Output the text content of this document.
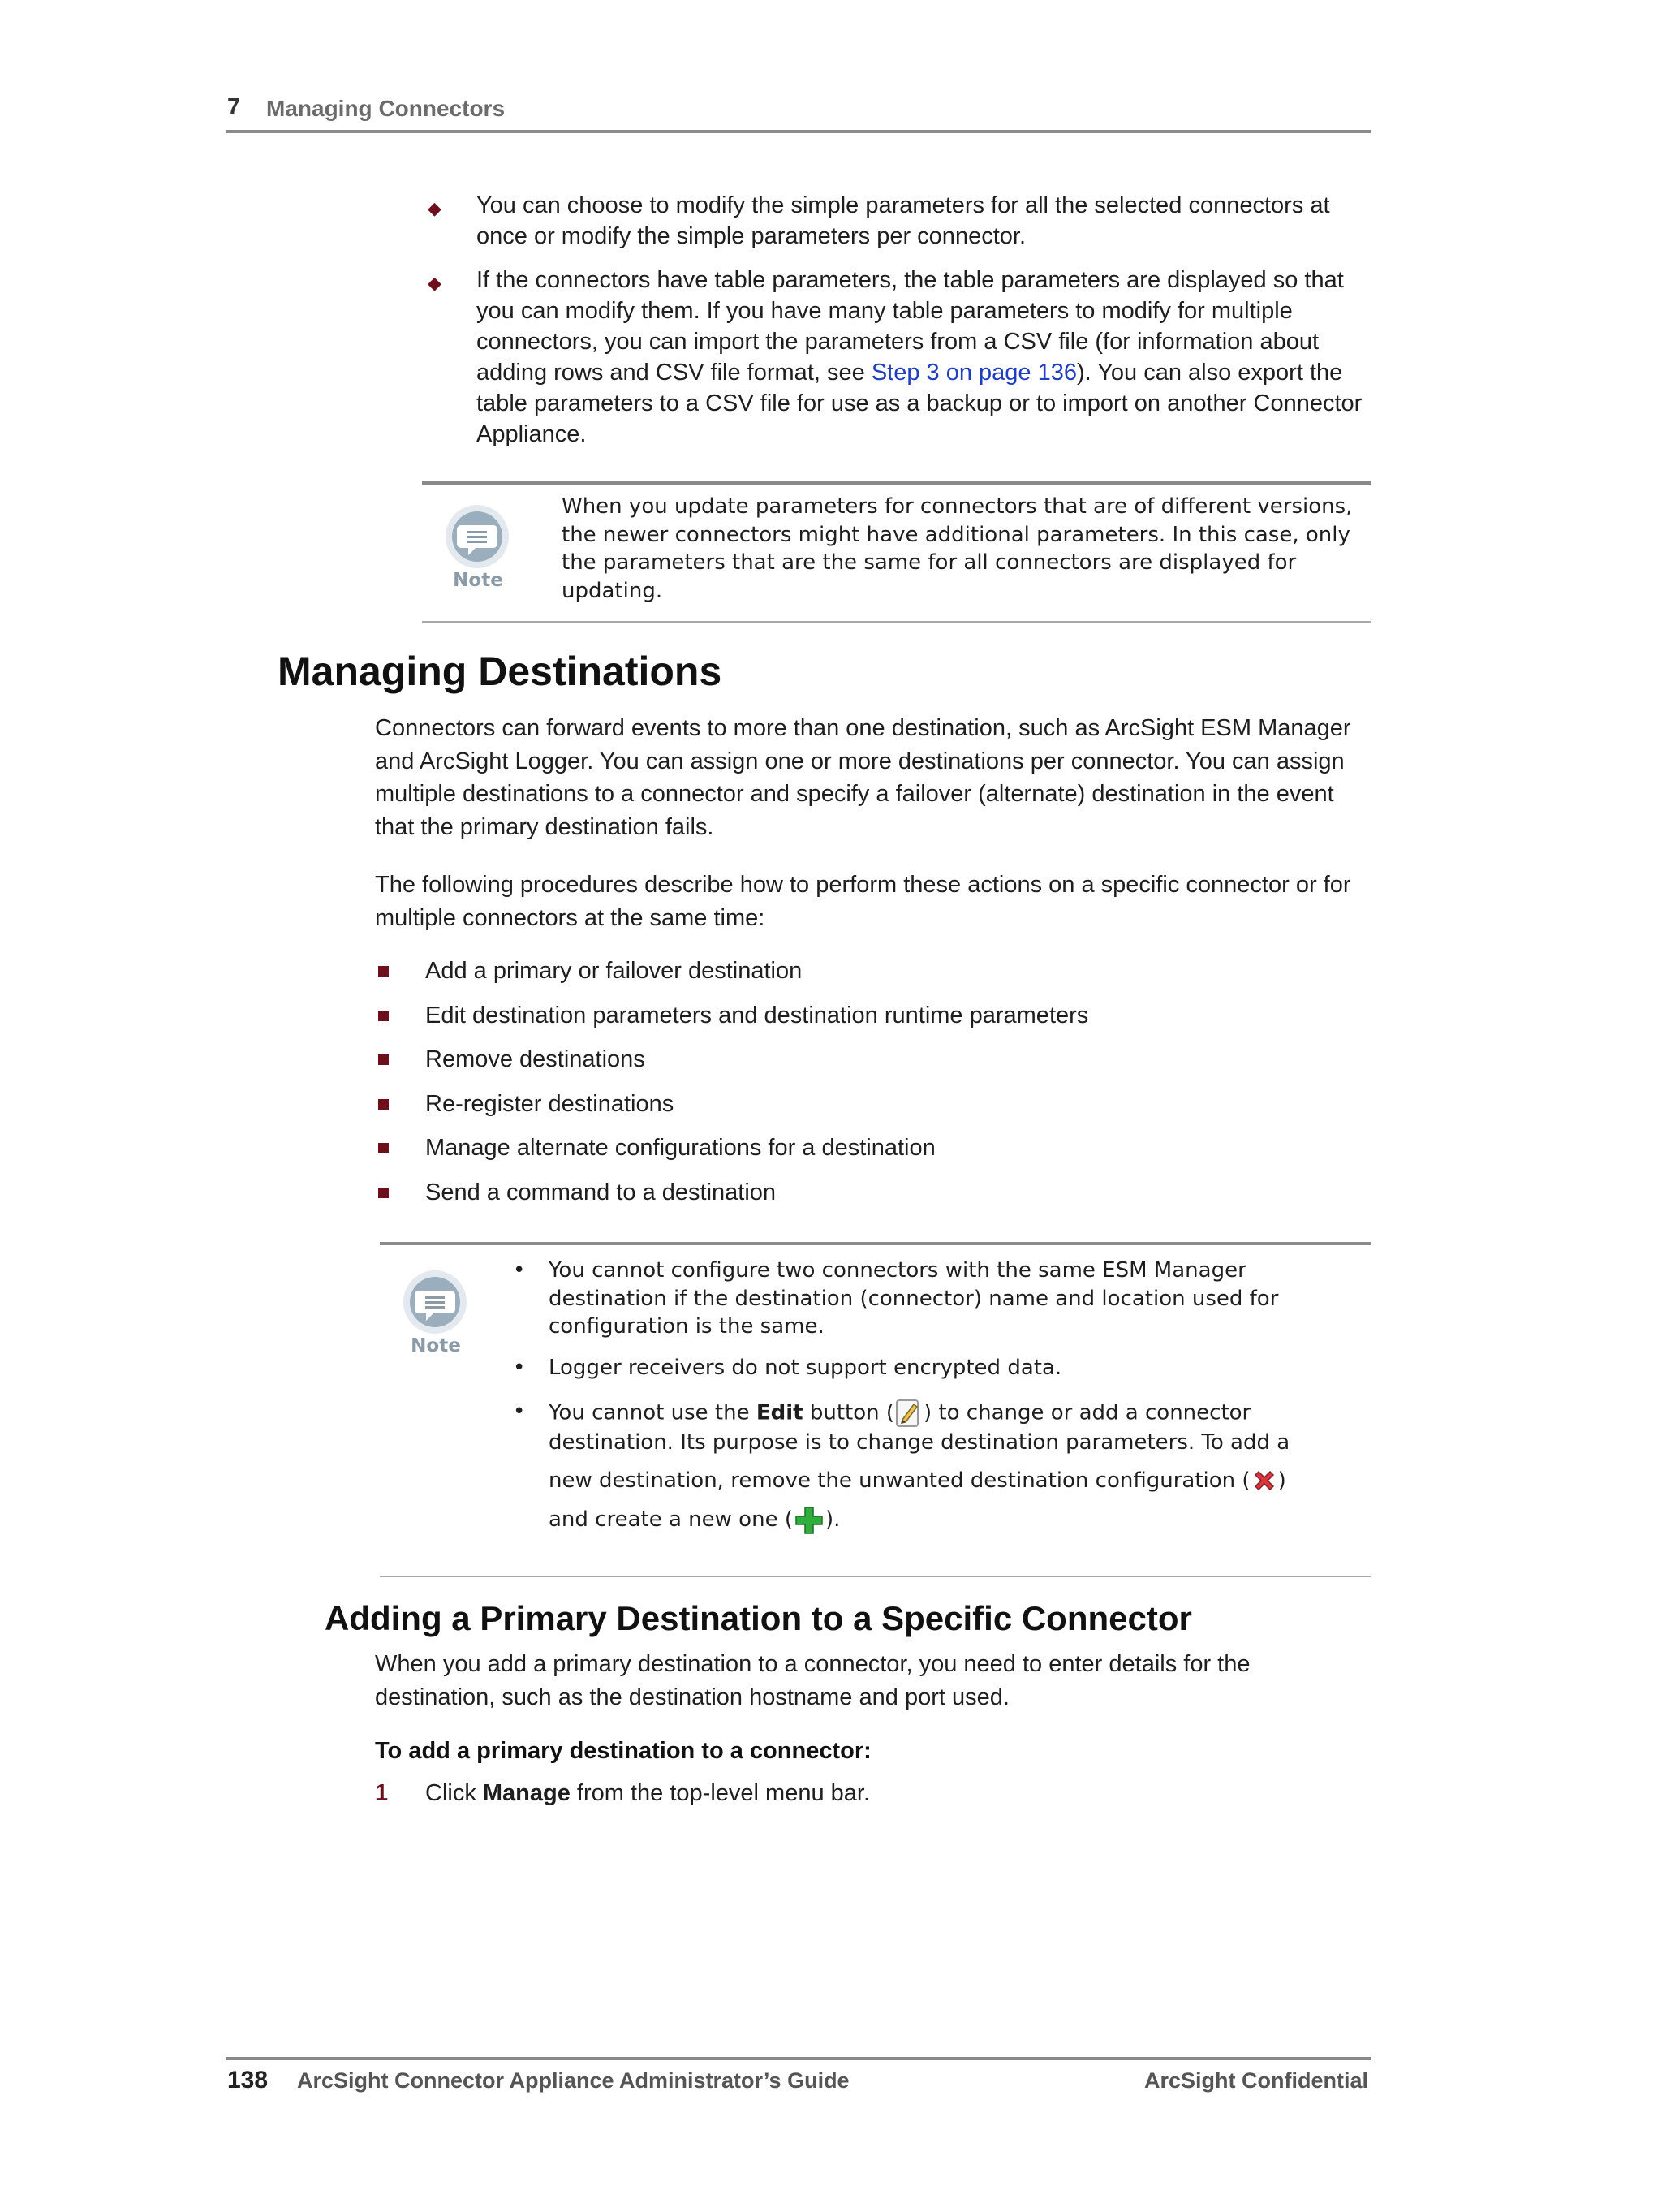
7 Managing Connectors
◆ You can choose to modify the simple parameters for all the selected connectors at once or modify the simple parameters per connector.
◆ If the connectors have table parameters, the table parameters are displayed so that you can modify them. If you have many table parameters to modify for multiple connectors, you can import the parameters from a CSV file (for information about adding rows and CSV file format, see Step 3 on page 136). You can also export the table parameters to a CSV file for use as a backup or to import on another Connector Appliance.
Note
When you update parameters for connectors that are of different versions, the newer connectors might have additional parameters. In this case, only the parameters that are the same for all connectors are displayed for updating.
Managing Destinations
Connectors can forward events to more than one destination, such as ArcSight ESM Manager and ArcSight Logger. You can assign one or more destinations per connector. You can assign multiple destinations to a connector and specify a failover (alternate) destination in the event that the primary destination fails.
The following procedures describe how to perform these actions on a specific connector or for multiple connectors at the same time:
Add a primary or failover destination
Edit destination parameters and destination runtime parameters
Remove destinations
Re-register destinations
Manage alternate configurations for a destination
Send a command to a destination
Note
• You cannot configure two connectors with the same ESM Manager destination if the destination (connector) name and location used for configuration is the same.
• Logger receivers do not support encrypted data.
• You cannot use the Edit button ( ) to change or add a connector destination. Its purpose is to change destination parameters. To add a
new destination, remove the unwanted destination configuration ( )
and create a new one ( ).
Adding a Primary Destination to a Specific Connector
When you add a primary destination to a connector, you need to enter details for the destination, such as the destination hostname and port used.
To add a primary destination to a connector:
1 Click Manage from the top-level menu bar.
138 ArcSight Connector Appliance Administrator’s Guide	ArcSight Confidential
